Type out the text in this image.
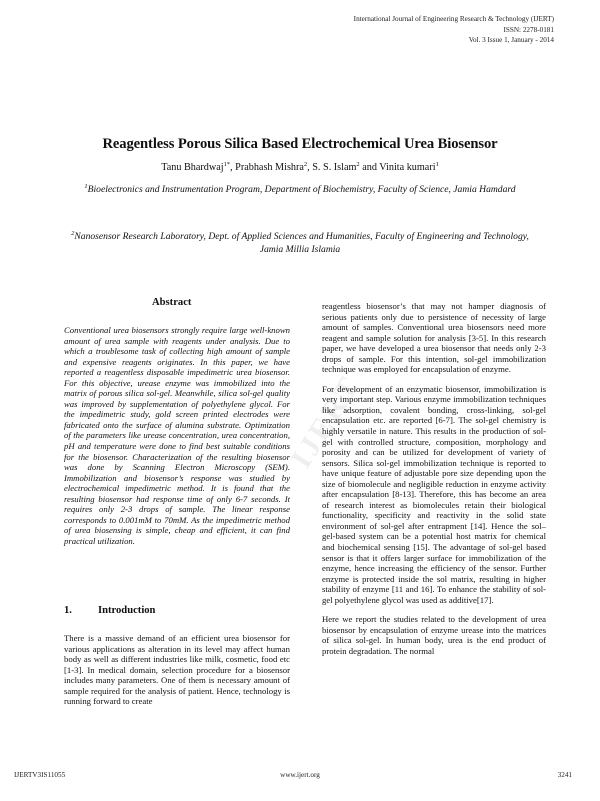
International Journal of Engineering Research & Technology (IJERT)
ISSN: 2278-0181
Vol. 3 Issue 1, January - 2014
IJERT
Reagentless Porous Silica Based Electrochemical Urea Biosensor
Tanu Bhardwaj$^{1*}$, Prabhash Mishra$^2$, S. S. Islam$^2$ and Vinita kumari$^1$
$^1$Bioelectronics and Instrumentation Program, Department of Biochemistry, Faculty of Science, Jamia Hamdard
$^2$Nanosensor Research Laboratory, Dept. of Applied Sciences and Humanities, Faculty of Engineering and Technology, Jamia Millia Islamia
Abstract

Conventional urea biosensors strongly require large well-known amount of urea sample with reagents under analysis. Due to which a troublesome task of collecting high amount of sample and expensive reagents originates. In this paper, we have reported a reagentless disposable impedimetric urea biosensor. For this objective, urease enzyme was immobilized into the matrix of porous silica sol-gel. Meanwhile, silica sol-gel quality was improved by supplementation of polyethylene glycol. For the impedimetric study, gold screen printed electrodes were fabricated onto the surface of alumina substrate. Optimization of the parameters like urease concentration, urea concentration, pH and temperature were done to find best suitable conditions for the biosensor. Characterization of the resulting biosensor was done by Scanning Electron Microscopy (SEM). Immobilization and biosensor’s response was studied by electrochemical impedimetric method. It is found that the resulting biosensor had response time of only 6-7 seconds. It requires only 2-3 drops of sample. The linear response corresponds to 0.001mM to 70mM. As the impedimetric method of urea biosensing is simple, cheap and efficient, it can find practical utilization.

1. Introduction

There is a massive demand of an efficient urea biosensor for various applications as alteration in its level may affect human body as well as different industries like milk, cosmetic, food etc [1-3]. In medical domain, selection procedure for a biosensor includes many parameters. One of them is necessary amount of sample required for the analysis of patient. Hence, technology is running forward to create

reagentless biosensor’s that may not hamper diagnosis of serious patients only due to persistence of necessity of large amount of samples. Conventional urea biosensors need more reagent and sample solution for analysis [3-5]. In this research paper, we have developed a urea biosensor that needs only 2-3 drops of sample. For this intention, sol-gel immobilization technique was employed for encapsulation of enzyme.

For development of an enzymatic biosensor, immobilization is very important step. Various enzyme immobilization techniques like adsorption, covalent bonding, cross-linking, sol-gel encapsulation etc. are reported [6-7]. The sol-gel chemistry is highly versatile in nature. This results in the production of sol- gel with controlled structure, composition, morphology and porosity and can be utilized for development of variety of sensors. Silica sol-gel immobilization technique is reported to have unique feature of adjustable pore size depending upon the size of biomolecule and negligible reduction in enzyme activity after encapsulation [8-13]. Therefore, this has become an area of research interest as biomolecules retain their biological functionality, specificity and reactivity in the solid state environment of sol-gel after entrapment [14]. Hence the sol–gel-based system can be a potential host matrix for chemical and biochemical sensing [15]. The advantage of sol-gel based sensor is that it offers larger surface for immobilization of the enzyme, hence increasing the efficiency of the sensor. Further enzyme is protected inside the sol matrix, resulting in higher stability of enzyme [11 and 16]. To enhance the stability of sol-gel polyethylene glycol was used as additive[17].

Here we report the studies related to the development of urea biosensor by encapsulation of enzyme urease into the matrices of silica sol-gel. In human body, urea is the end product of protein degradation. The normal

IJERTV3IS11055	www.ijert.org	3241
